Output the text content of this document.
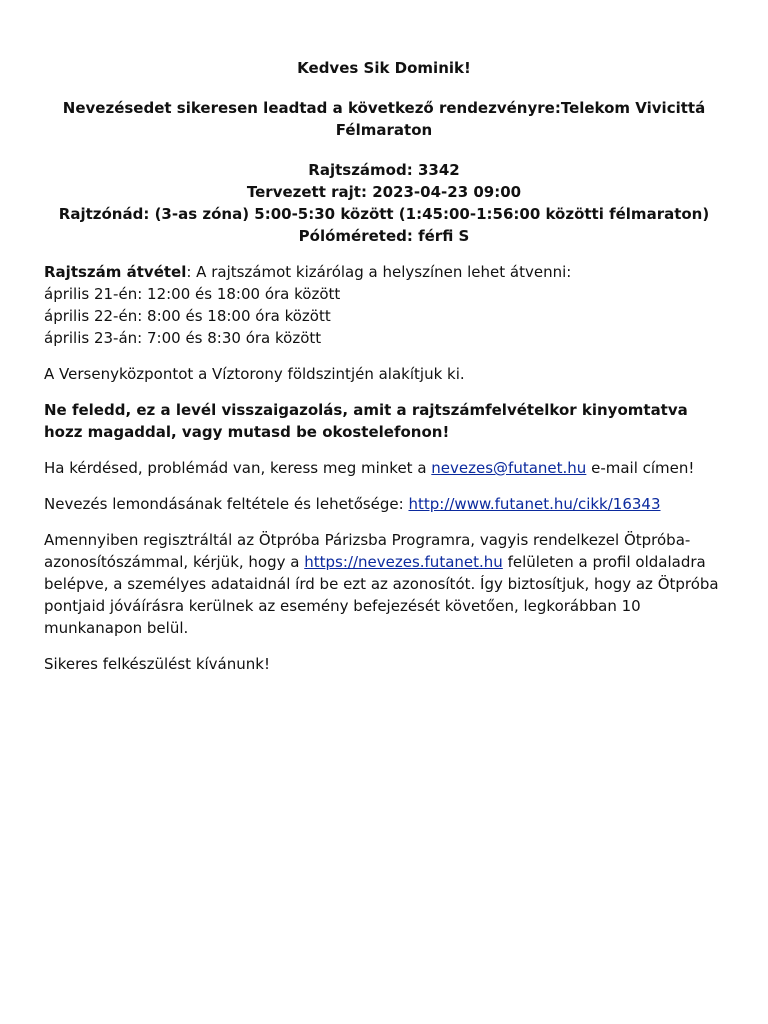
Kedves Sik Dominik!
Nevezésedet sikeresen leadtad a következő rendezvényre:Telekom Vivicittá Félmaraton
Rajtszámod: 3342
Tervezett rajt: 2023-04-23 09:00
Rajtzónád: (3-as zóna) 5:00-5:30 között (1:45:00-1:56:00 közötti félmaraton)
Pólóméreted: férfi S

Rajtszám átvétel: A rajtszámot kizárólag a helyszínen lehet átvenni:
április 21-én: 12:00 és 18:00 óra között
április 22-én: 8:00 és 18:00 óra között
április 23-án: 7:00 és 8:30 óra között

A Versenyközpontot a Víztorony földszintjén alakítjuk ki.

Ne feledd, ez a levél visszaigazolás, amit a rajtszámfelvételkor kinyomtatva hozz magaddal, vagy mutasd be okostelefonon!

Ha kérdésed, problémád van, keress meg minket a nevezes@futanet.hu e-mail címen!

Nevezés lemondásának feltétele és lehetősége: http://www.futanet.hu/cikk/16343

Amennyiben regisztráltál az Ötpróba Párizsba Programra, vagyis rendelkezel Ötpróba-azonosítószámmal, kérjük, hogy a https://nevezes.futanet.hu felületen a profil oldaladra belépve, a személyes adataidnál írd be ezt az azonosítót. Így biztosítjuk, hogy az Ötpróba pontjaid jóváírásra kerülnek az esemény befejezését követően, legkorábban 10 munkanapon belül.

Sikeres felkészülést kívánunk!
